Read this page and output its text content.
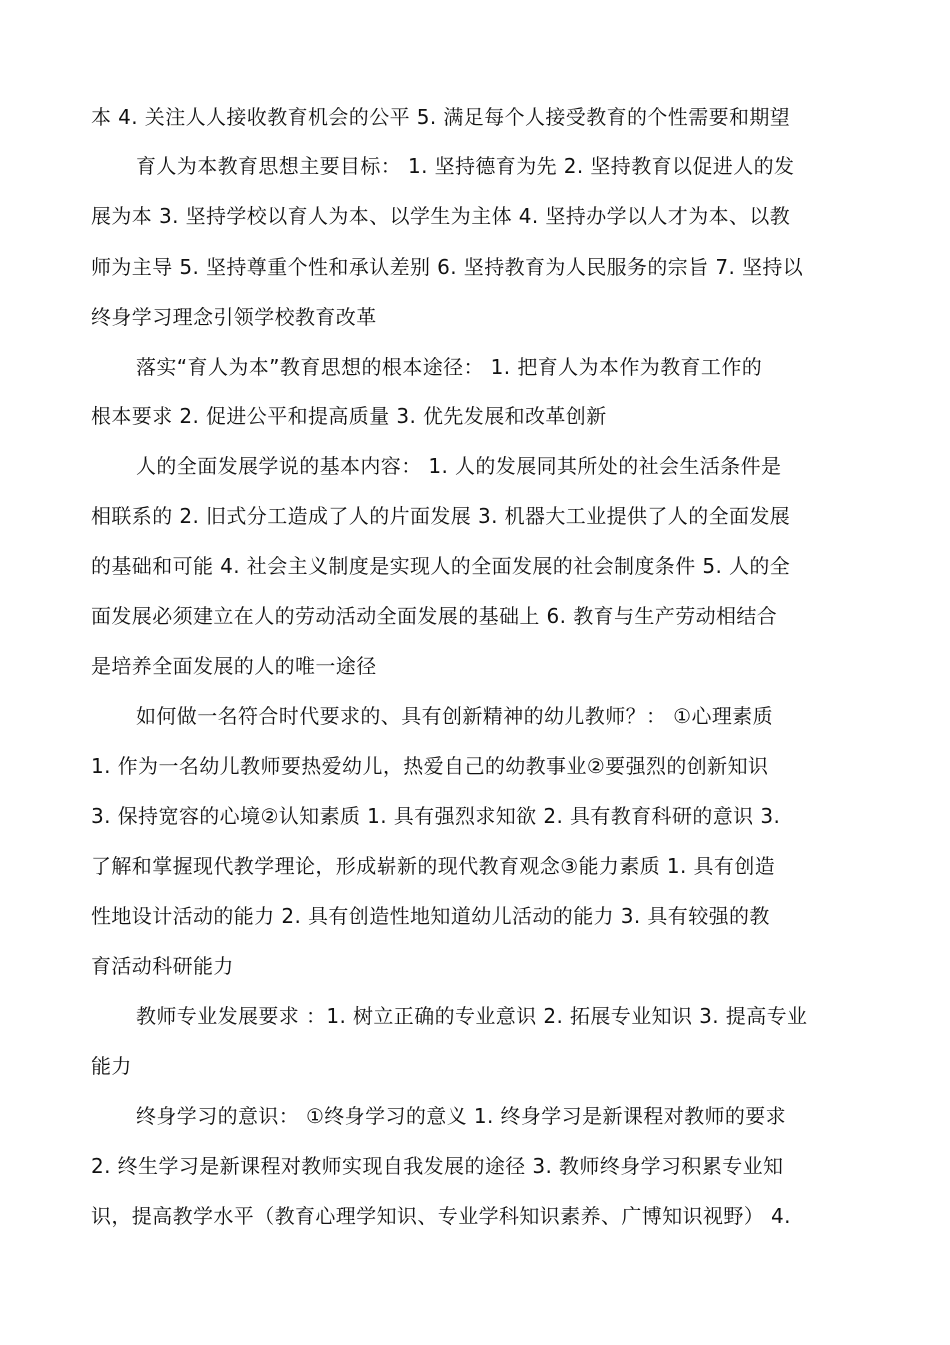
本 4. 关注人人接收教育机会的公平 5. 满足每个人接受教育的个性需要和期望
育人为本教育思想主要目标： 1. 坚持德育为先 2. 坚持教育以促进人的发
展为本 3. 坚持学校以育人为本、以学生为主体 4. 坚持办学以人才为本、以教
师为主导 5. 坚持尊重个性和承认差别 6. 坚持教育为人民服务的宗旨 7. 坚持以
终身学习理念引领学校教育改革
落实“育人为本”教育思想的根本途径： 1. 把育人为本作为教育工作的
根本要求 2. 促进公平和提高质量 3. 优先发展和改革创新
人的全面发展学说的基本内容： 1. 人的发展同其所处的社会生活条件是
相联系的 2. 旧式分工造成了人的片面发展 3. 机器大工业提供了人的全面发展
的基础和可能 4. 社会主义制度是实现人的全面发展的社会制度条件 5. 人的全
面发展必须建立在人的劳动活动全面发展的基础上 6. 教育与生产劳动相结合
是培养全面发展的人的唯一途径
如何做一名符合时代要求的、具有创新精神的幼儿教师？： ①心理素质
1. 作为一名幼儿教师要热爱幼儿，热爱自己的幼教事业②要强烈的创新知识
3. 保持宽容的心境②认知素质 1. 具有强烈求知欲 2. 具有教育科研的意识 3.
了解和掌握现代教学理论，形成崭新的现代教育观念③能力素质 1. 具有创造
性地设计活动的能力 2. 具有创造性地知道幼儿活动的能力 3. 具有较强的教
育活动科研能力
教师专业发展要求 ：1. 树立正确的专业意识 2. 拓展专业知识 3. 提高专业
能力
终身学习的意识： ①终身学习的意义 1. 终身学习是新课程对教师的要求
2. 终生学习是新课程对教师实现自我发展的途径 3. 教师终身学习积累专业知
识，提高教学水平（教育心理学知识、专业学科知识素养、广博知识视野） 4.
